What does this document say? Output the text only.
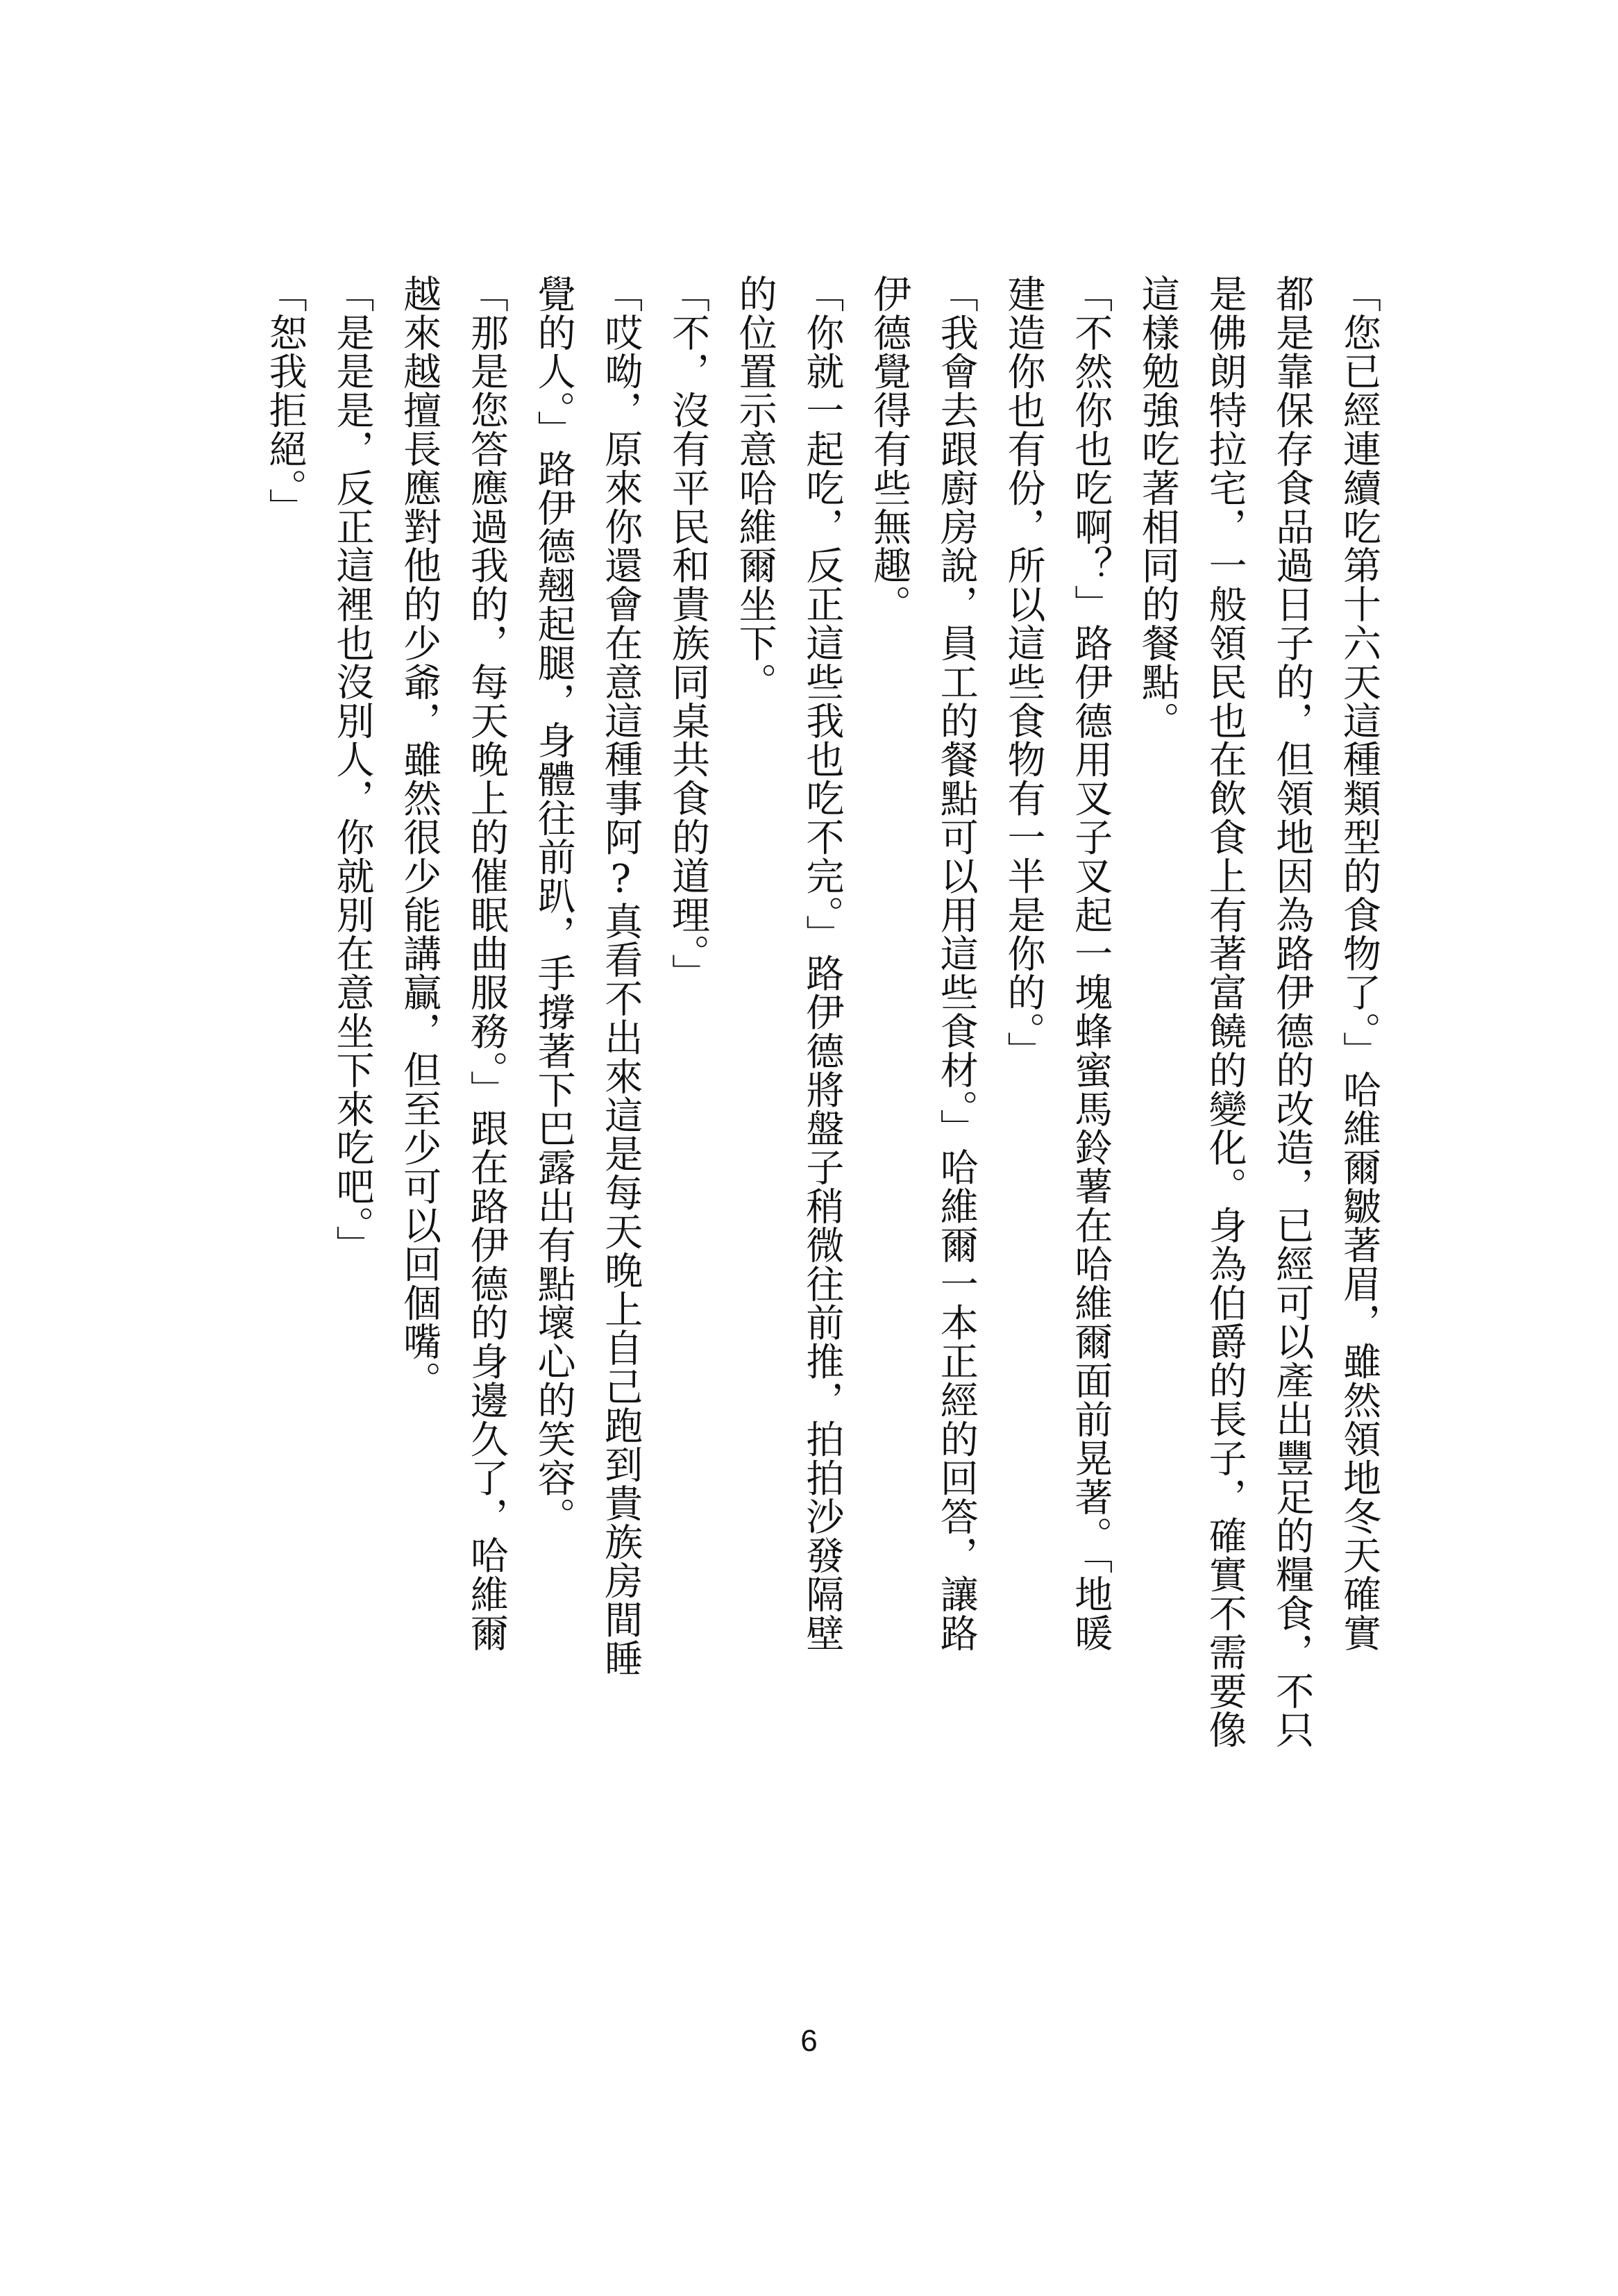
「您已經連續吃第十六天這種類型的食物了。」哈維爾皺著眉，雖然領地冬天確實
都是靠保存食品過日子的，但領地因為路伊德的改造，已經可以產出豐足的糧食，不只
是佛朗特拉宅，一般領民也在飲食上有著富饒的變化。身為伯爵的長子，確實不需要像
這樣勉強吃著相同的餐點。
「不然你也吃啊？」路伊德用叉子叉起一塊蜂蜜馬鈴薯在哈維爾面前晃著。「地暖
建造你也有份，所以這些食物有一半是你的。」
「我會去跟廚房說，員工的餐點可以用這些食材。」哈維爾一本正經的回答，讓路
伊德覺得有些無趣。
「你就一起吃，反正這些我也吃不完。」路伊德將盤子稍微往前推，拍拍沙發隔壁
的位置示意哈維爾坐下。
「不，沒有平民和貴族同桌共食的道理。」
「哎呦，原來你還會在意這種事阿?真看不出來這是每天晚上自己跑到貴族房間睡
覺的人。」路伊德翹起腿，身體往前趴，手撐著下巴露出有點壞心的笑容。
「那是您答應過我的，每天晚上的催眠曲服務。」跟在路伊德的身邊久了，哈維爾
越來越擅長應對他的少爺，雖然很少能講贏，但至少可以回個嘴。
「是是是，反正這裡也沒別人，你就別在意坐下來吃吧。」
「恕我拒絕。」
6
